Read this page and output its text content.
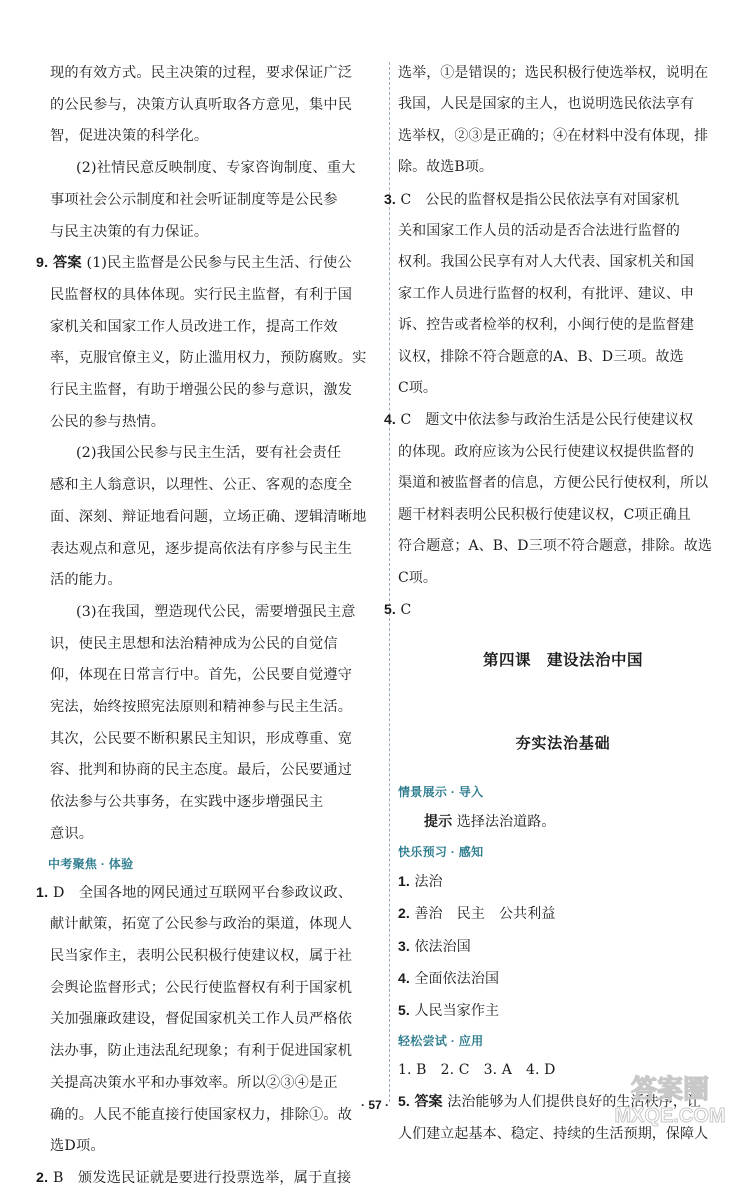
现的有效方式。民主决策的过程，要求保证广泛
的公民参与，决策方认真听取各方意见，集中民
智，促进决策的科学化。
(2)社情民意反映制度、专家咨询制度、重大
事项社会公示制度和社会听证制度等是公民参
与民主决策的有力保证。
9. 答案 (1)民主监督是公民参与民主生活、行使公
民监督权的具体体现。实行民主监督，有利于国
家机关和国家工作人员改进工作，提高工作效
率，克服官僚主义，防止滥用权力，预防腐败。实
行民主监督，有助于增强公民的参与意识，激发
公民的参与热情。
(2)我国公民参与民主生活，要有社会责任
感和主人翁意识，以理性、公正、客观的态度全
面、深刻、辩证地看问题，立场正确、逻辑清晰地
表达观点和意见，逐步提高依法有序参与民主生
活的能力。
(3)在我国，塑造现代公民，需要增强民主意
识，使民主思想和法治精神成为公民的自觉信
仰，体现在日常言行中。首先，公民要自觉遵守
宪法，始终按照宪法原则和精神参与民主生活。
其次，公民要不断积累民主知识，形成尊重、宽
容、批判和协商的民主态度。最后，公民要通过
依法参与公共事务，在实践中逐步增强民主
意识。
中考聚焦 · 体验
1. D　全国各地的网民通过互联网平台参政议政、
献计献策，拓宽了公民参与政治的渠道，体现人
民当家作主，表明公民积极行使建议权，属于社
会舆论监督形式；公民行使监督权有利于国家机
关加强廉政建设，督促国家机关工作人员严格依
法办事，防止违法乱纪现象；有利于促进国家机
关提高决策水平和办事效率。所以②③④是正
确的。人民不能直接行使国家权力，排除①。故
选D项。
2. B　颁发选民证就是要进行投票选举，属于直接
选举，①是错误的；选民积极行使选举权，说明在
我国，人民是国家的主人，也说明选民依法享有
选举权，②③是正确的；④在材料中没有体现，排
除。故选B项。
3. C　公民的监督权是指公民依法享有对国家机
关和国家工作人员的活动是否合法进行监督的
权利。我国公民享有对人大代表、国家机关和国
家工作人员进行监督的权利，有批评、建议、申
诉、控告或者检举的权利，小闽行使的是监督建
议权，排除不符合题意的A、B、D三项。故选
C项。
4. C　题文中依法参与政治生活是公民行使建议权
的体现。政府应该为公民行使建议权提供监督的
渠道和被监督者的信息，方便公民行使权利，所以
题干材料表明公民积极行使建议权，C项正确且
符合题意；A、B、D三项不符合题意，排除。故选
C项。
5. C
第四课　建设法治中国
夯实法治基础
情景展示 · 导入
提示 选择法治道路。
快乐预习 · 感知
1. 法治
2. 善治　民主　公共利益
3. 依法治国
4. 全面依法治国
5. 人民当家作主
轻松尝试 · 应用
1. B　2. C　3. A　4. D
5. 答案 法治能够为人们提供良好的生活秩序，让
人们建立起基本、稳定、持续的生活预期，保障人
· 57 ·
答案圈
MXQE.COM
